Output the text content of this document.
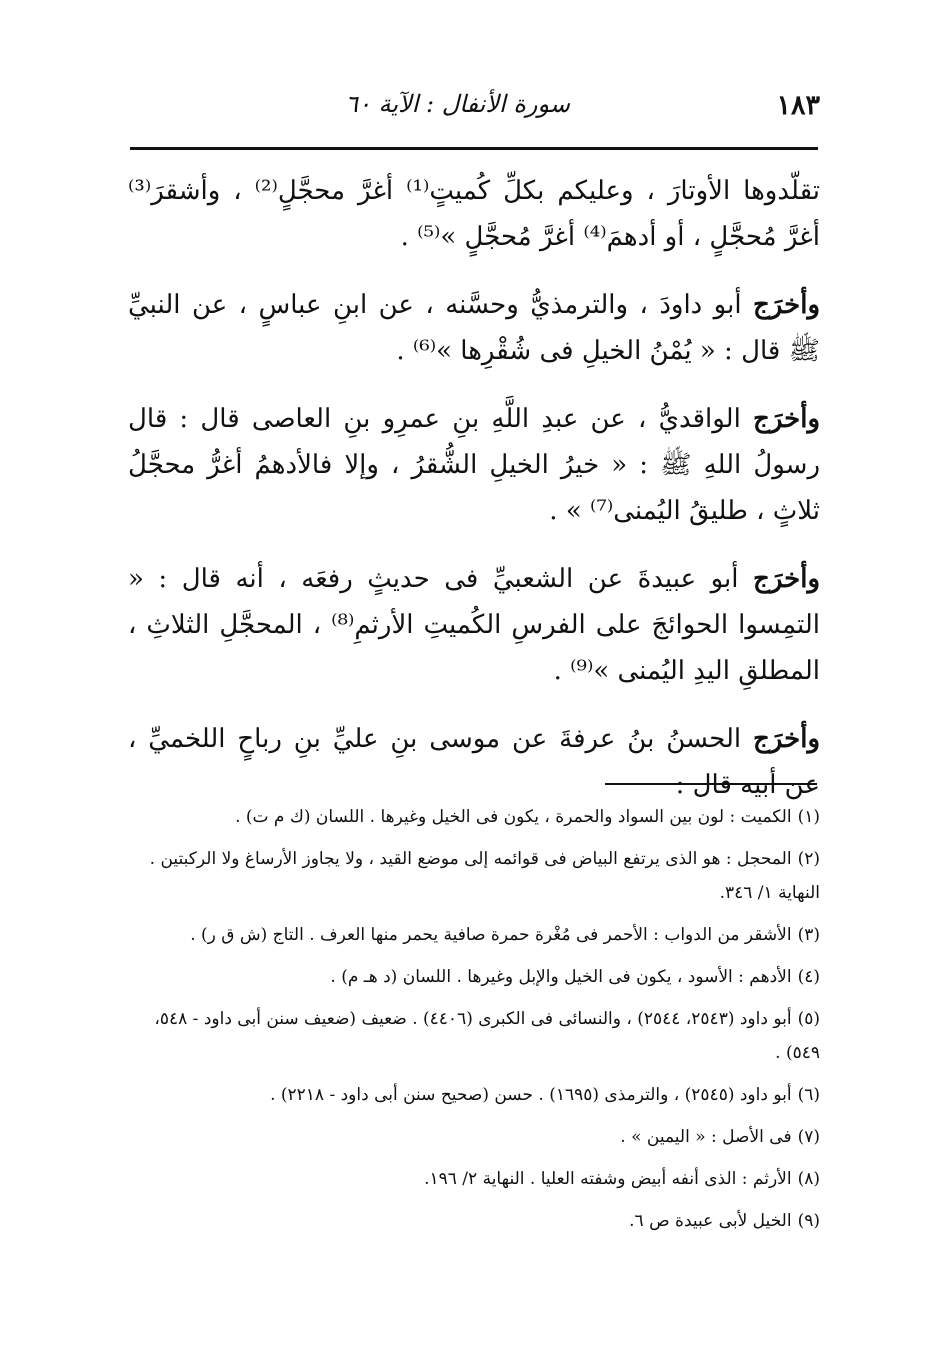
١٨٣
سورة الأنفال : الآية ٦٠

تقلّدوها الأوتارَ ، وعليكم بكلِّ كُميتٍ⁽¹⁾ أغرَّ محجَّلٍ⁽²⁾ ، وأشقرَ⁽³⁾ أغرَّ مُحجَّلٍ ، أو أدهمَ⁽⁴⁾ أغرَّ مُحجَّلٍ »⁽⁵⁾ .

وأخرَج أبو داودَ ، والترمذيُّ وحسَّنه ، عن ابنِ عباسٍ ، عن النبيِّ ﷺ قال : « يُمْنُ الخيلِ فى شُقْرِها »⁽⁶⁾ .

وأخرَج الواقديُّ ، عن عبدِ اللَّهِ بنِ عمرِو بنِ العاصى قال : قال رسولُ اللهِ ﷺ : « خيرُ الخيلِ الشُّقرُ ، وإلا فالأدهمُ أغرُّ محجَّلُ ثلاثٍ ، طليقُ اليُمنى⁽⁷⁾ » .

وأخرَج أبو عبيدةَ عن الشعبيِّ فى حديثٍ رفعَه ، أنه قال : « التمِسوا الحوائجَ على الفرسِ الكُميتِ الأرثمِ⁽⁸⁾ ، المحجَّلِ الثلاثِ ، المطلقِ اليدِ اليُمنى »⁽⁹⁾ .

وأخرَج الحسنُ بنُ عرفةَ عن موسى بنِ عليِّ بنِ رباحٍ اللخميِّ ، عن أبيه قال :

(١)الكميت : لون بين السواد والحمرة ، يكون فى الخيل وغيرها . اللسان (ك م ت) .

(٢)المحجل : هو الذى يرتفع البياض فى قوائمه إلى موضع القيد ، ولا يجاوز الأرساغ ولا الركبتين . النهاية ١/ ٣٤٦.

(٣)الأشقر من الدواب : الأحمر فى مُغْرة حمرة صافية يحمر منها العرف . التاج (ش ق ر) .

(٤)الأدهم : الأسود ، يكون فى الخيل والإبل وغيرها . اللسان (د هـ م) .

(٥)أبو داود (٢٥٤٣، ٢٥٤٤) ، والنسائى فى الكبرى (٤٤٠٦) . ضعيف (ضعيف سنن أبى داود - ٥٤٨، ٥٤٩) .

(٦)أبو داود (٢٥٤٥) ، والترمذى (١٦٩٥) . حسن (صحيح سنن أبى داود - ٢٢١٨) .

(٧)فى الأصل : « اليمين » .

(٨)الأرثم : الذى أنفه أبيض وشفته العليا . النهاية ٢/ ١٩٦.

(٩)الخيل لأبى عبيدة ص ٦.
